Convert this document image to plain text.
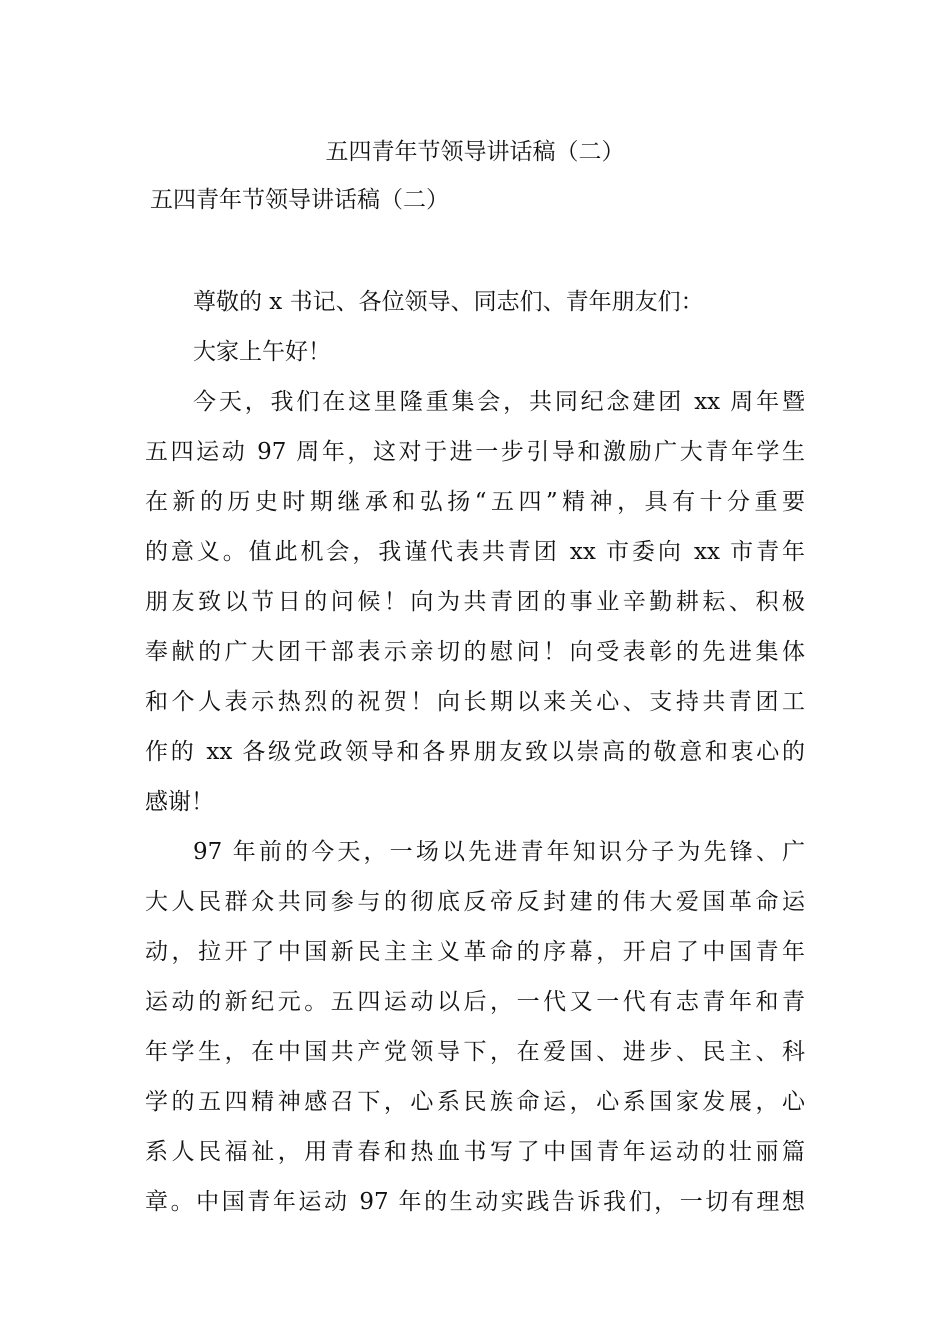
五四青年节领导讲话稿（二）
五四青年节领导讲话稿（二）
尊敬的 x 书记、各位领导、同志们、青年朋友们：
大家上午好！
今天，我们在这里隆重集会，共同纪念建团 xx 周年暨
五四运动 97 周年，这对于进一步引导和激励广大青年学生
在新的历史时期继承和弘扬“五四”精神，具有十分重要
的意义。值此机会，我谨代表共青团 xx 市委向 xx 市青年
朋友致以节日的问候！向为共青团的事业辛勤耕耘、积极
奉献的广大团干部表示亲切的慰问！向受表彰的先进集体
和个人表示热烈的祝贺！向长期以来关心、支持共青团工
作的 xx 各级党政领导和各界朋友致以崇高的敬意和衷心的
感谢！
97 年前的今天，一场以先进青年知识分子为先锋、广
大人民群众共同参与的彻底反帝反封建的伟大爱国革命运
动，拉开了中国新民主主义革命的序幕，开启了中国青年
运动的新纪元。五四运动以后，一代又一代有志青年和青
年学生，在中国共产党领导下，在爱国、进步、民主、科
学的五四精神感召下，心系民族命运，心系国家发展，心
系人民福祉，用青春和热血书写了中国青年运动的壮丽篇
章。中国青年运动 97 年的生动实践告诉我们，一切有理想
